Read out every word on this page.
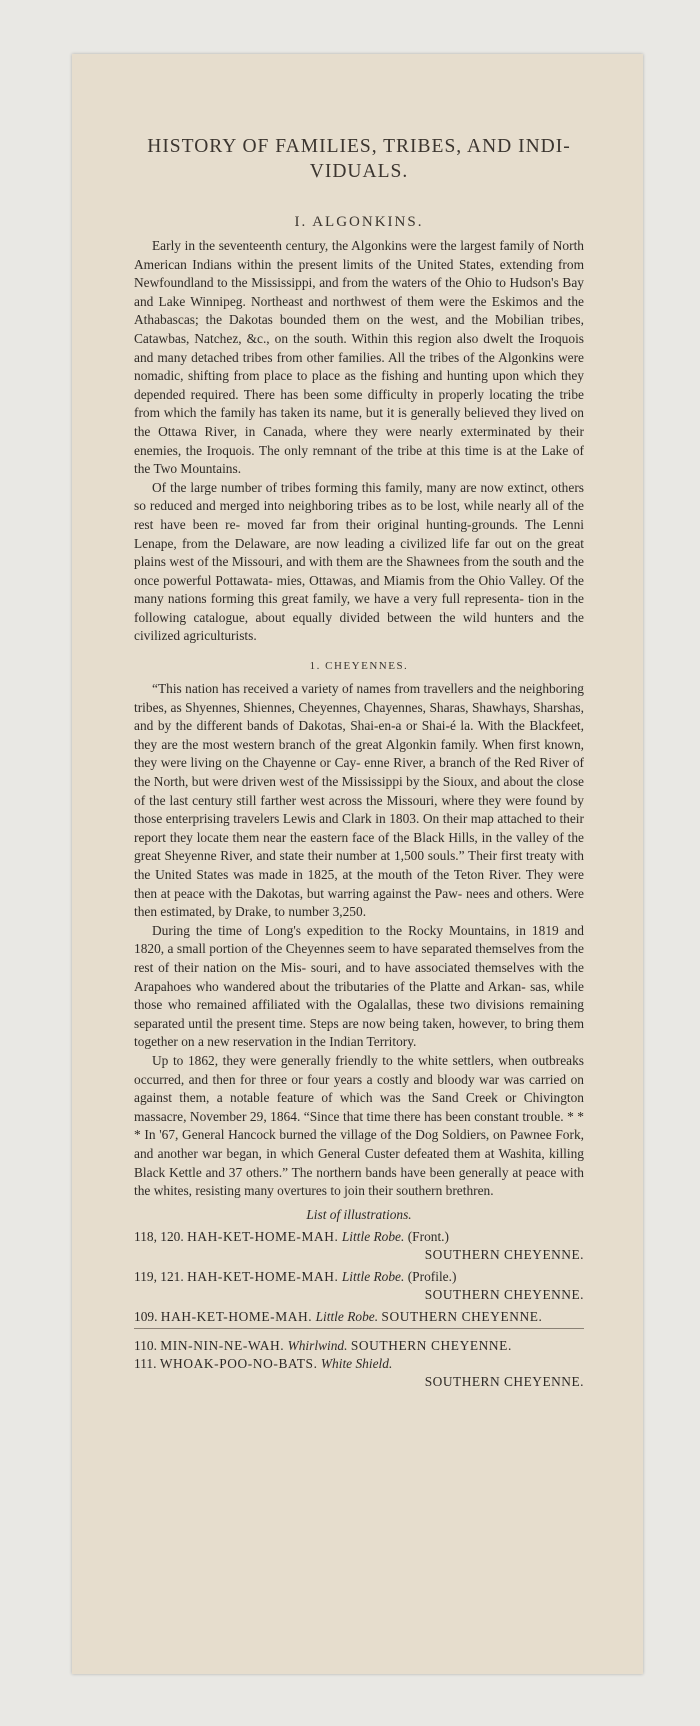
HISTORY OF FAMILIES, TRIBES, AND INDI- VIDUALS.
I. ALGONKINS.

Early in the seventeenth century, the Algonkins were the largest family of North American Indians within the present limits of the United States, extending from Newfoundland to the Mississippi, and from the waters of the Ohio to Hudson's Bay and Lake Winnipeg. Northeast and northwest of them were the Eskimos and the Athabascas; the Dakotas bounded them on the west, and the Mobilian tribes, Catawbas, Natchez, &c., on the south. Within this region also dwelt the Iroquois and many detached tribes from other families. All the tribes of the Algonkins were nomadic, shifting from place to place as the fishing and hunting upon which they depended required. There has been some difficulty in properly locating the tribe from which the family has taken its name, but it is generally believed they lived on the Ottawa River, in Canada, where they were nearly exterminated by their enemies, the Iroquois. The only remnant of the tribe at this time is at the Lake of the Two Mountains.

Of the large number of tribes forming this family, many are now extinct, others so reduced and merged into neighboring tribes as to be lost, while nearly all of the rest have been re- moved far from their original hunting-grounds. The Lenni Lenape, from the Delaware, are now leading a civilized life far out on the great plains west of the Missouri, and with them are the Shawnees from the south and the once powerful Pottawata- mies, Ottawas, and Miamis from the Ohio Valley. Of the many nations forming this great family, we have a very full representa- tion in the following catalogue, about equally divided between the wild hunters and the civilized agriculturists.

1. CHEYENNES.

“This nation has received a variety of names from travellers and the neighboring tribes, as Shyennes, Shiennes, Cheyennes, Chayennes, Sharas, Shawhays, Sharshas, and by the different bands of Dakotas, Shai-en-a or Shai-é la. With the Blackfeet, they are the most western branch of the great Algonkin family. When first known, they were living on the Chayenne or Cay- enne River, a branch of the Red River of the North, but were driven west of the Mississippi by the Sioux, and about the close of the last century still farther west across the Missouri, where they were found by those enterprising travelers Lewis and Clark in 1803. On their map attached to their report they locate them near the eastern face of the Black Hills, in the valley of the great Sheyenne River, and state their number at 1,500 souls.” Their first treaty with the United States was made in 1825, at the mouth of the Teton River. They were then at peace with the Dakotas, but warring against the Paw- nees and others. Were then estimated, by Drake, to number 3,250.

During the time of Long's expedition to the Rocky Mountains, in 1819 and 1820, a small portion of the Cheyennes seem to have separated themselves from the rest of their nation on the Mis- souri, and to have associated themselves with the Arapahoes who wandered about the tributaries of the Platte and Arkan- sas, while those who remained affiliated with the Ogalallas, these two divisions remaining separated until the present time. Steps are now being taken, however, to bring them together on a new reservation in the Indian Territory.

Up to 1862, they were generally friendly to the white settlers, when outbreaks occurred, and then for three or four years a costly and bloody war was carried on against them, a notable feature of which was the Sand Creek or Chivington massacre, November 29, 1864. “Since that time there has been constant trouble. * * * In '67, General Hancock burned the village of the Dog Soldiers, on Pawnee Fork, and another war began, in which General Custer defeated them at Washita, killing Black Kettle and 37 others.” The northern bands have been generally at peace with the whites, resisting many overtures to join their southern brethren.

List of illustrations.
118, 120. HAH-KET-HOME-MAH. Little Robe. (Front.)
SOUTHERN CHEYENNE.
119, 121. HAH-KET-HOME-MAH. Little Robe. (Profile.)
SOUTHERN CHEYENNE.
109. HAH-KET-HOME-MAH. Little Robe. SOUTHERN CHEYENNE.
110. MIN-NIN-NE-WAH. Whirlwind. SOUTHERN CHEYENNE.
111. WHOAK-POO-NO-BATS. White Shield.
SOUTHERN CHEYENNE.
